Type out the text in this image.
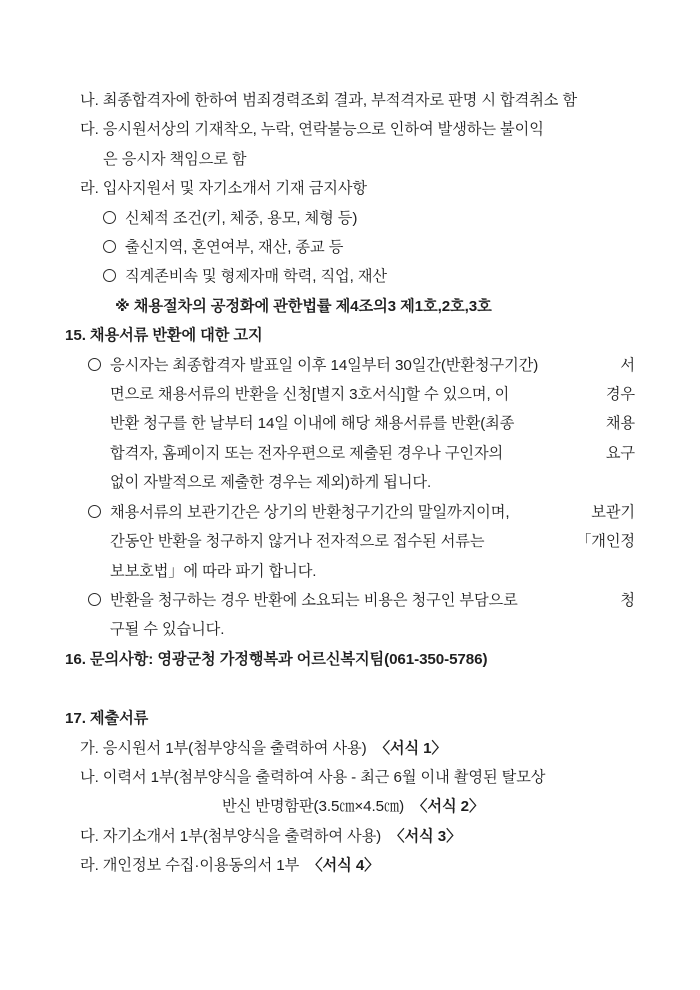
나. 최종합격자에 한하여 범죄경력조회 결과, 부적격자로 판명 시 합격취소 함
다. 응시원서상의 기재착오, 누락, 연락불능으로 인하여 발생하는 불이익
은 응시자 책임으로 함
라. 입사지원서 및 자기소개서 기재 금지사항
신체적 조건(키, 체중, 용모, 체형 등)
출신지역, 혼연여부, 재산, 종교 등
직계존비속 및 형제자매 학력, 직업, 재산
※ 채용절차의 공정화에 관한법률 제4조의3 제1호,2호,3호
15. 채용서류 반환에 대한 고지
응시자는 최종합격자 발표일 이후 14일부터 30일간(반환청구기간)	서
면으로 채용서류의 반환을 신청[별지 3호서식]할 수 있으며, 이	경우
반환 청구를 한 날부터 14일 이내에 해당 채용서류를 반환(최종	채용
합격자, 홈페이지 또는 전자우편으로 제출된 경우나 구인자의	요구
없이 자발적으로 제출한 경우는 제외)하게 됩니다.
채용서류의 보관기간은 상기의 반환청구기간의 말일까지이며,	보관기
간동안 반환을 청구하지 않거나 전자적으로 접수된 서류는	「개인정
보보호법」에 따라 파기 합니다.
반환을 청구하는 경우 반환에 소요되는 비용은 청구인 부담으로	청
구될 수 있습니다.
16. 문의사항: 영광군청 가정행복과 어르신복지팀(061-350-5786)
17. 제출서류
가. 응시원서 1부(첨부양식을 출력하여 사용) 〈서식 1〉
나. 이력서 1부(첨부양식을 출력하여 사용 - 최근 6월 이내 촬영된 탈모상
반신 반명함판(3.5㎝×4.5㎝) 〈서식 2〉
다. 자기소개서 1부(첨부양식을 출력하여 사용) 〈서식 3〉
라. 개인정보 수집·이용동의서 1부 〈서식 4〉
